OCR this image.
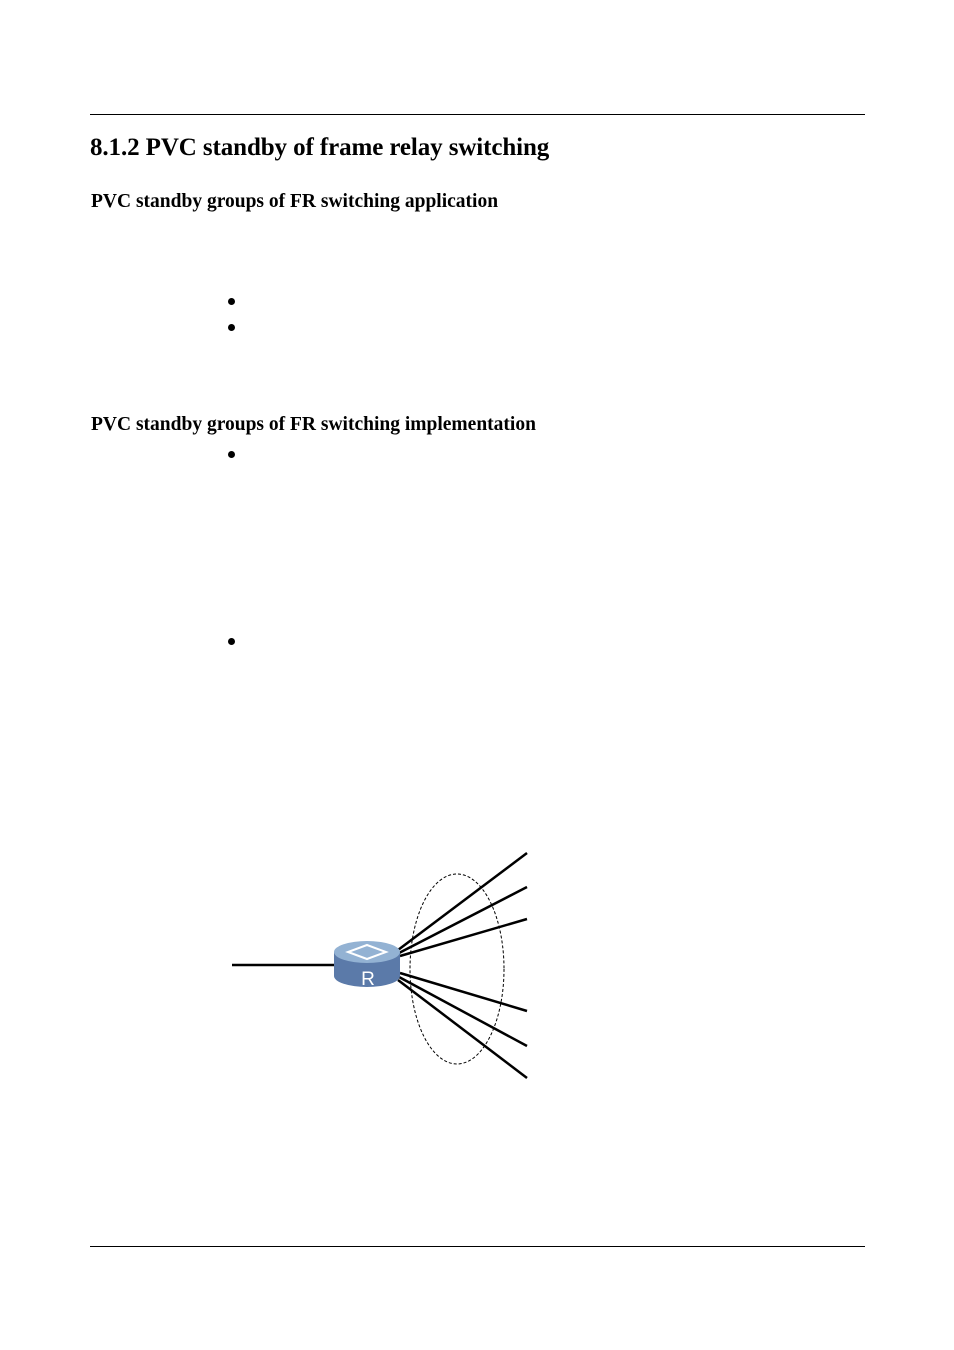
8.1.2 PVC standby of frame relay switching
PVC standby groups of FR switching application
PVC standby groups of FR switching implementation
R
